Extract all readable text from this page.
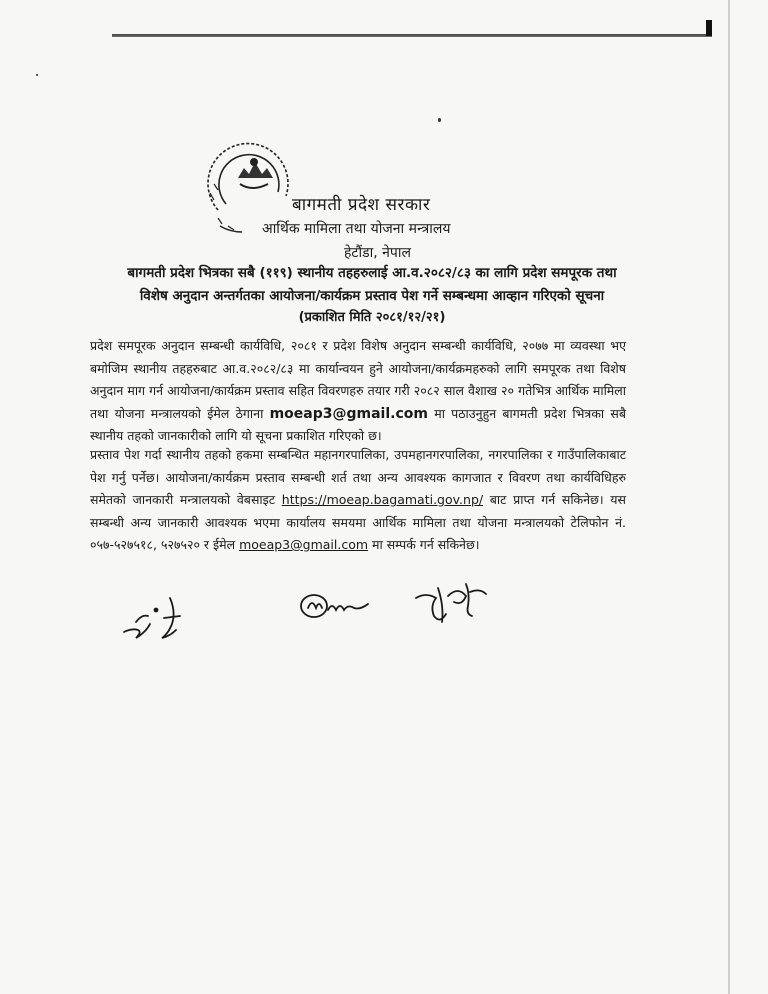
बागमती प्रदेश सरकार
आर्थिक मामिला तथा योजना मन्त्रालय
हेटौंडा, नेपाल
बागमती प्रदेश भित्रका सबै (११९) स्थानीय तहहरुलाई आ.व.२०८२/८३ का लागि प्रदेश समपूरक तथा
विशेष अनुदान अन्तर्गतका आयोजना/कार्यक्रम प्रस्ताव पेश गर्ने सम्बन्धमा आव्हान गरिएको सूचना
(प्रकाशित मिति २०८१/१२/२१)
प्रदेश समपूरक अनुदान सम्बन्धी कार्यविधि, २०८१ र प्रदेश विशेष अनुदान सम्बन्धी कार्यविधि, २०७७ मा व्यवस्था भए बमोजिम स्थानीय तहहरुबाट आ.व.२०८२/८३ मा कार्यान्वयन हुने आयोजना/कार्यक्रमहरुको लागि समपूरक तथा विशेष अनुदान माग गर्न आयोजना/कार्यक्रम प्रस्ताव सहित विवरणहरु तयार गरी २०८२ साल वैशाख २० गतेभित्र आर्थिक मामिला तथा योजना मन्त्रालयको ईमेल ठेगाना moeap3@gmail.com मा पठाउनुहुन बागमती प्रदेश भित्रका सबै स्थानीय तहको जानकारीको लागि यो सूचना प्रकाशित गरिएको छ।
प्रस्ताव पेश गर्दा स्थानीय तहको हकमा सम्बन्धित महानगरपालिका, उपमहानगरपालिका, नगरपालिका र गाउँपालिकाबाट पेश गर्नु पर्नेछ। आयोजना/कार्यक्रम प्रस्ताव सम्बन्धी शर्त तथा अन्य आवश्यक कागजात र विवरण तथा कार्यविधिहरु समेतको जानकारी मन्त्रालयको वेबसाइट https://moeap.bagamati.gov.np/ बाट प्राप्त गर्न सकिनेछ। यस सम्बन्धी अन्य जानकारी आवश्यक भएमा कार्यालय समयमा आर्थिक मामिला तथा योजना मन्त्रालयको टेलिफोन नं. ०५७-५२७५१८, ५२७५२० र ईमेल moeap3@gmail.com मा सम्पर्क गर्न सकिनेछ।
